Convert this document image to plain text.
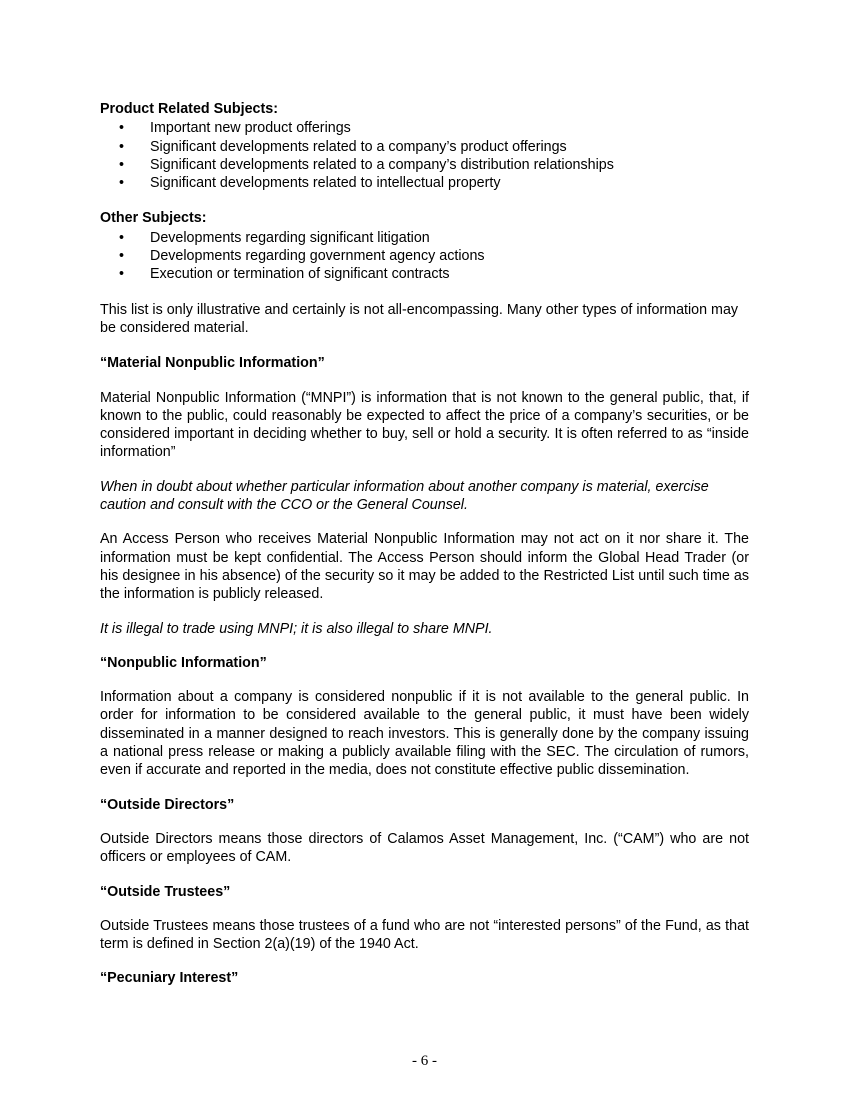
Product Related Subjects:
• Important new product offerings
• Significant developments related to a company’s product offerings
• Significant developments related to a company’s distribution relationships
• Significant developments related to intellectual property
Other Subjects:
• Developments regarding significant litigation
• Developments regarding government agency actions
• Execution or termination of significant contracts

This list is only illustrative and certainly is not all-encompassing. Many other types of information may be considered material.

“Material Nonpublic Information”

Material Nonpublic Information (“MNPI”) is information that is not known to the general public, that, if known to the public, could reasonably be expected to affect the price of a company’s securities, or be considered important in deciding whether to buy, sell or hold a security. It is often referred to as “inside information”

When in doubt about whether particular information about another company is material, exercise caution and consult with the CCO or the General Counsel.

An Access Person who receives Material Nonpublic Information may not act on it nor share it. The information must be kept confidential. The Access Person should inform the Global Head Trader (or his designee in his absence) of the security so it may be added to the Restricted List until such time as the information is publicly released.

It is illegal to trade using MNPI; it is also illegal to share MNPI.

“Nonpublic Information”

Information about a company is considered nonpublic if it is not available to the general public. In order for information to be considered available to the general public, it must have been widely disseminated in a manner designed to reach investors. This is generally done by the company issuing a national press release or making a publicly available filing with the SEC. The circulation of rumors, even if accurate and reported in the media, does not constitute effective public dissemination.

“Outside Directors”

Outside Directors means those directors of Calamos Asset Management, Inc. (“CAM”) who are not officers or employees of CAM.

“Outside Trustees”

Outside Trustees means those trustees of a fund who are not “interested persons” of the Fund, as that term is defined in Section 2(a)(19) of the 1940 Act.

“Pecuniary Interest”
- 6 -
